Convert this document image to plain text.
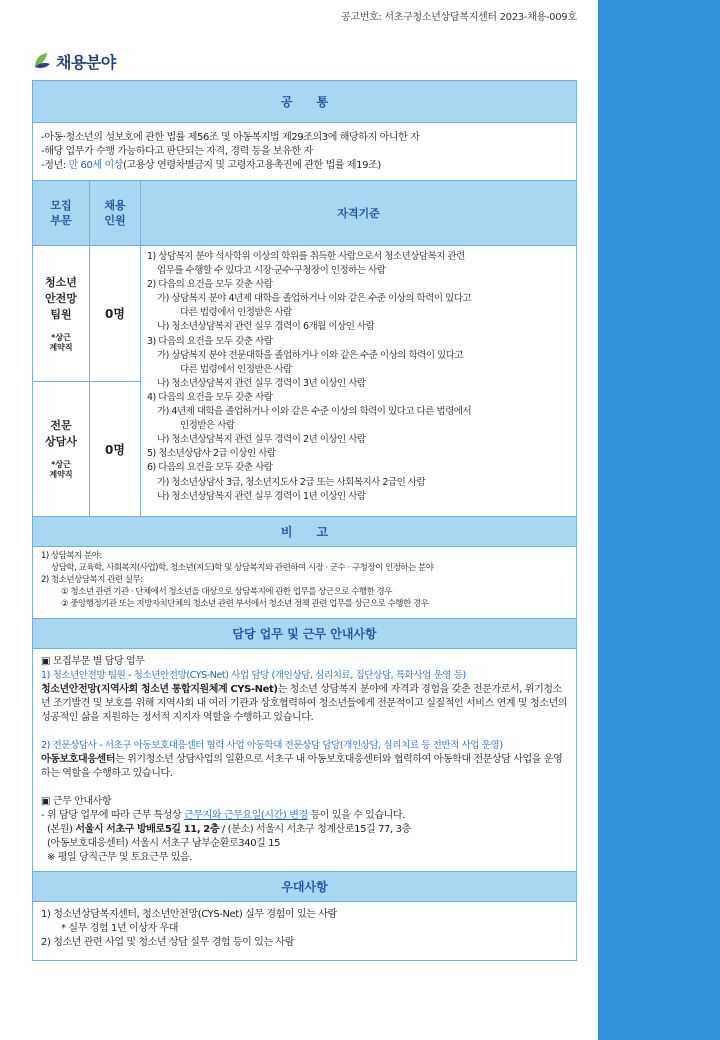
공고번호: 서초구청소년상담복지센터 2023-채용-009호
채용분야
공　　통
-아동·청소년의 성보호에 관한 법률 제56조 및 아동복지법 제29조의3에 해당하지 아니한 자
-해당 업무가 수행 가능하다고 판단되는 자격, 경력 등을 보유한 자
-정년: 만 60세 이상(고용상 연령차별금지 및 고령자고용촉진에 관한 법률 제19조)
모집
부문
채용
인원
자격기준
청소년
안전망
팀원
*상근
계약직
전문
상담사
*상근
계약직
0명
0명
1) 상담복지 분야 석사학위 이상의 학위를 취득한 사람으로서 청소년상담복지 관련
업무를 수행할 수 있다고 시장·군수·구청장이 인정하는 사람
2) 다음의 요건을 모두 갖춘 사람
가) 상담복지 분야 4년제 대학을 졸업하거나 이와 같은 수준 이상의 학력이 있다고
다른 법령에서 인정받은 사람
나) 청소년상담복지 관련 실무 경력이 6개월 이상인 사람
3) 다음의 요건을 모두 갖춘 사람
가) 상담복지 분야 전문대학을 졸업하거나 이와 같은 수준 이상의 학력이 있다고
다른 법령에서 인정받은 사람
나) 청소년상담복지 관련 실무 경력이 3년 이상인 사람
4) 다음의 요건을 모두 갖춘 사람
가) 4년제 대학을 졸업하거나 이와 같은 수준 이상의 학력이 있다고 다른 법령에서
인정받은 사람
나) 청소년상담복지 관련 실무 경력이 2년 이상인 사람
5) 청소년상담사 2급 이상인 사람
6) 다음의 요건을 모두 갖춘 사람
가) 청소년상담사 3급, 청소년지도사 2급 또는 사회복지사 2급인 사람
나) 청소년상담복지 관련 실무 경력이 1년 이상인 사람
비　　고
1) 상담복지 분야:
상담학, 교육학, 사회복지(사업)학, 청소년(지도)학 및 상담복지와 관련하여 시장 · 군수 · 구청장이 인정하는 분야
2) 청소년상담복지 관련 실무:
① 청소년 관련 기관 · 단체에서 청소년을 대상으로 상담복지에 관한 업무를 상근으로 수행한 경우
② 중앙행정기관 또는 지방자치단체의 청소년 관련 부서에서 청소년 정책 관련 업무를 상근으로 수행한 경우
담당 업무 및 근무 안내사항
▣ 모집부문 별 담당 업무
1) 청소년안전망 팀원 - 청소년안전망(CYS-Net) 사업 담당 (개인상담, 심리치료, 집단상담, 특화사업 운영 등)
청소년안전망(지역사회 청소년 통합지원체계 CYS-Net)는 청소년 상담복지 분야에 자격과 경험을 갖춘 전문가로서, 위기청소년 조기발견 및 보호를 위해 지역사회 내 여러 기관과 상호협력하여 청소년들에게 전문적이고 실질적인 서비스 연계 및 청소년의 성공적인 삶을 지원하는 정서적 지지자 역할을 수행하고 있습니다.
2) 전문상담사 - 서초구 아동보호대응센터 협력 사업 아동학대 전문상담 담당(개인상담, 심리치료 등 전반적 사업 운영)
아동보호대응센터는 위기청소년 상담사업의 일환으로 서초구 내 아동보호대응센터와 협력하여 아동학대 전문상담 사업을 운영하는 역할을 수행하고 있습니다.
▣ 근무 안내사항
- 위 담당 업무에 따라 근무 특성상 근무지와 근무요일(시간) 변경 등이 있을 수 있습니다.
(본원) 서울시 서초구 방배로5길 11, 2층 / (분소) 서울시 서초구 청계산로15길 77, 3층
(아동보호대응센터) 서울시 서초구 남부순환로340길 15
※ 평일 당직근무 및 토요근무 있음.
우대사항
1) 청소년상담복지센터, 청소년안전망(CYS-Net) 실무 경험이 있는 사람
* 실무 경험 1년 이상자 우대
2) 청소년 관련 사업 및 청소년 상담 실무 경험 등이 있는 사람
